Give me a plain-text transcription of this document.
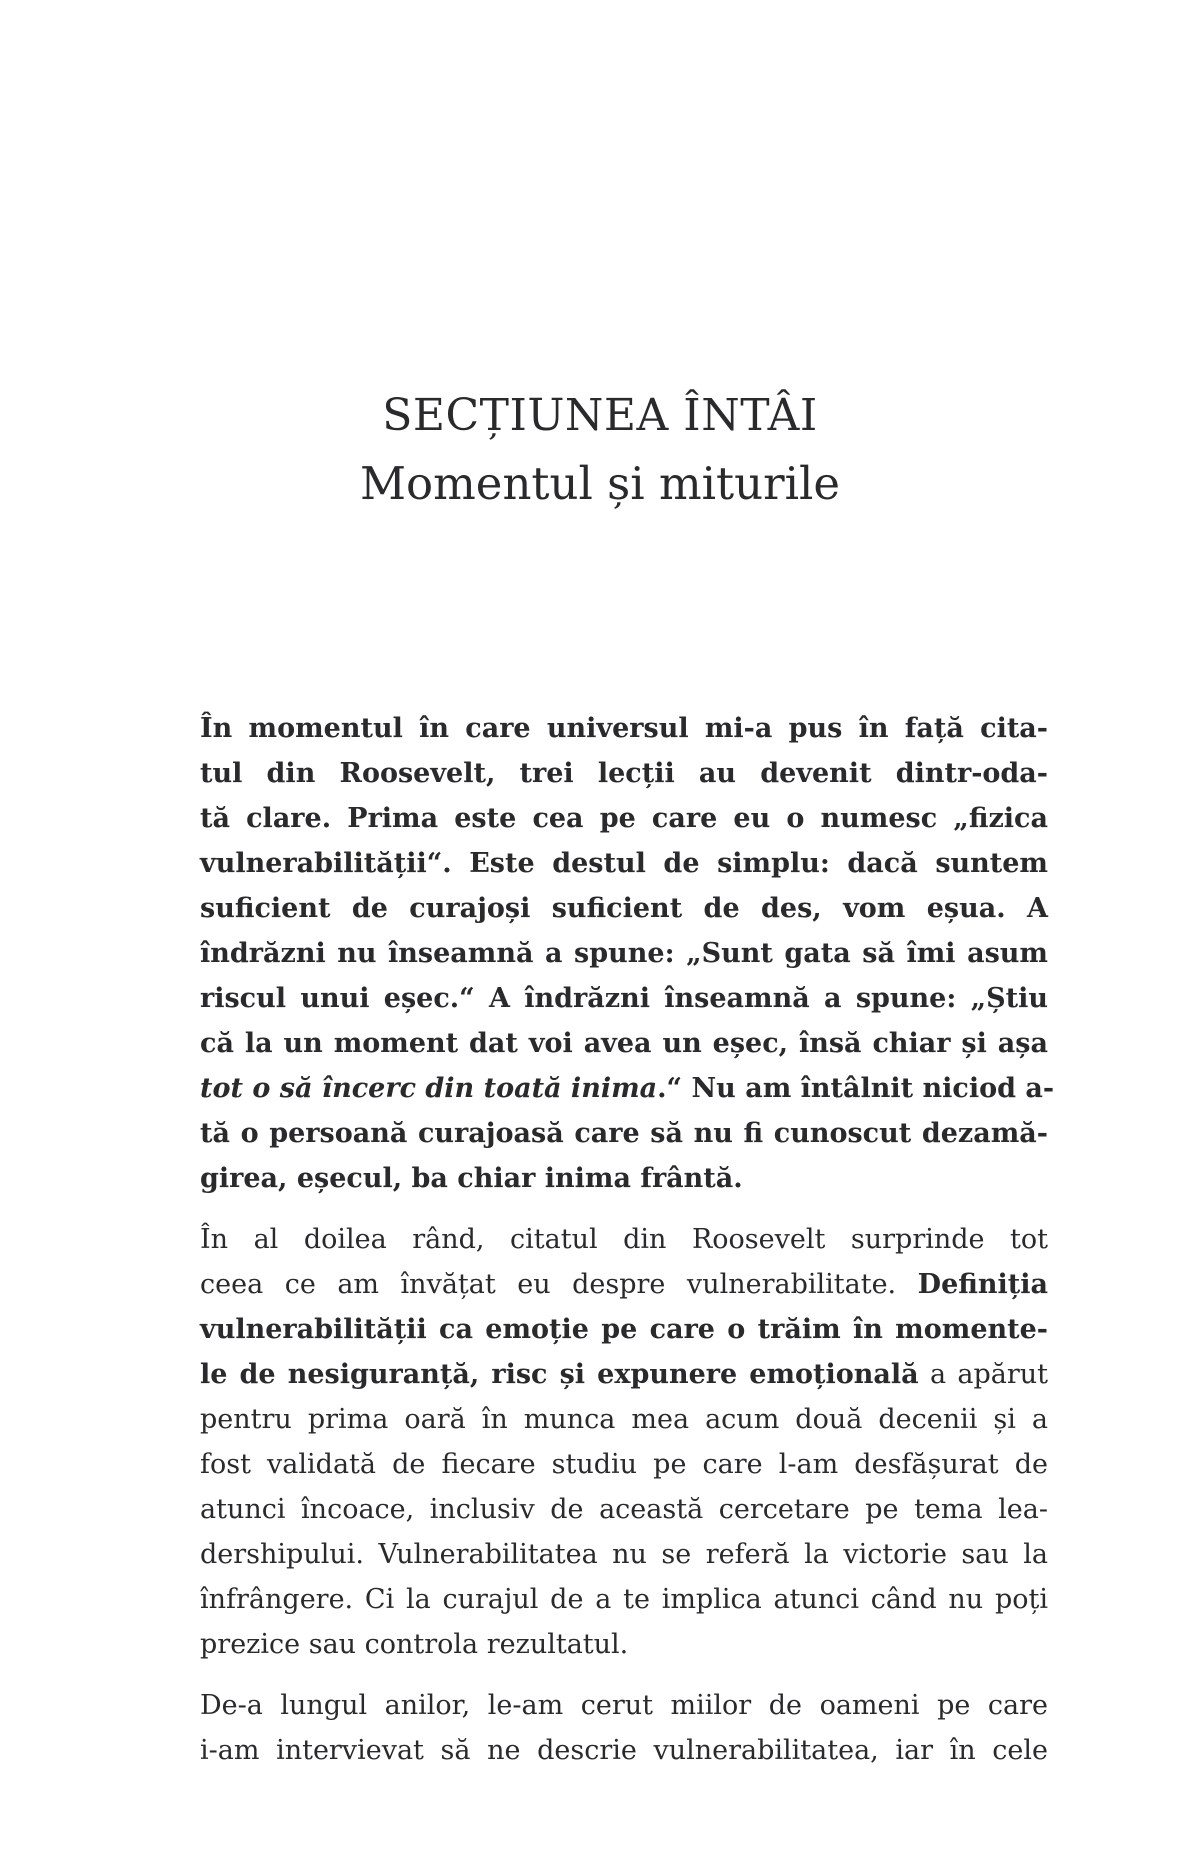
SECȚIUNEA ÎNTÂI
Momentul și miturile

În momentul în care universul mi-a pus în față cita-
tul din Roosevelt, trei lecții au devenit dintr-oda-
tă clare. Prima este cea pe care eu o numesc „fizica
vulnerabilității“. Este destul de simplu: dacă suntem
suficient de curajoși suficient de des, vom eșua. A
îndrăzni nu înseamnă a spune: „Sunt gata să îmi asum
riscul unui eșec.“ A îndrăzni înseamnă a spune: „Știu
că la un moment dat voi avea un eșec, însă chiar și așa
tot o să încerc din toată inima.“ Nu am întâlnit niciod a-
tă o persoană curajoasă care să nu fi cunoscut dezamă-
girea, eșecul, ba chiar inima frântă.

În al doilea rând, citatul din Roosevelt surprinde tot
ceea ce am învățat eu despre vulnerabilitate. Definiția
vulnerabilității ca emoție pe care o trăim în momente-
le de nesiguranță, risc și expunere emoțională a apărut
pentru prima oară în munca mea acum două decenii și a
fost validată de fiecare studiu pe care l-am desfășurat de
atunci încoace, inclusiv de această cercetare pe tema lea-
dershipului. Vulnerabilitatea nu se referă la victorie sau la
înfrângere. Ci la curajul de a te implica atunci când nu poți
prezice sau controla rezultatul.

De-a lungul anilor, le-am cerut miilor de oameni pe care
i-am intervievat să ne descrie vulnerabilitatea, iar în cele
